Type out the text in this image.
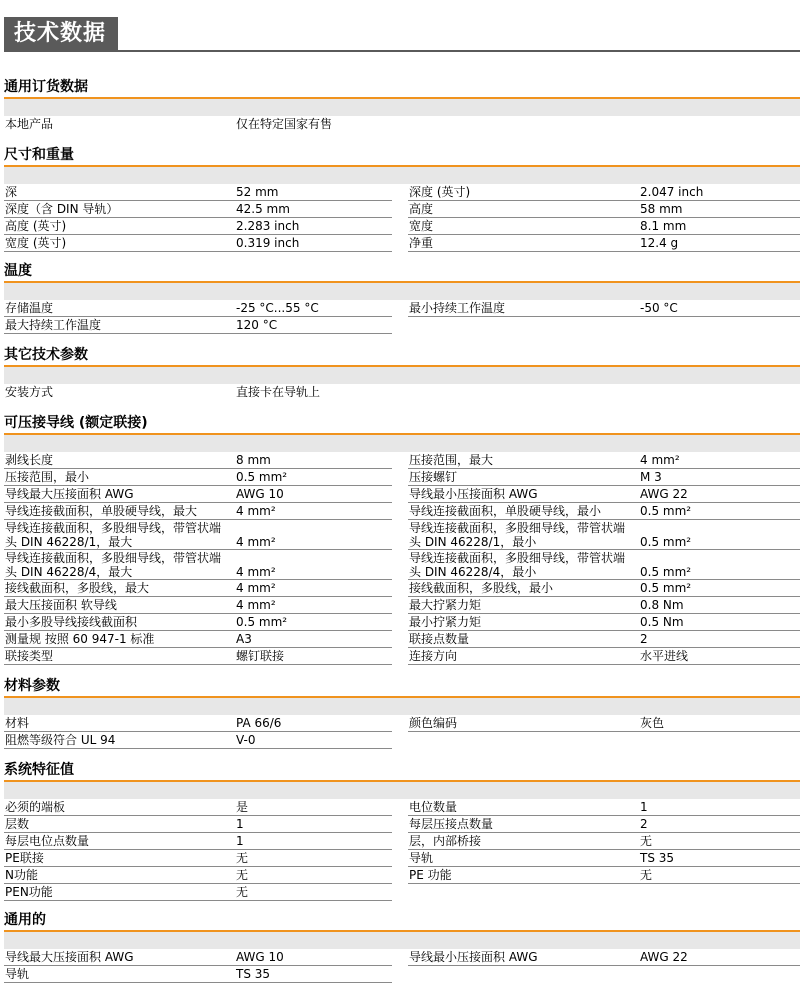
技术数据
通用订货数据
本地产品	仅在特定国家有售
尺寸和重量
深	52 mm
深度（含 DIN 导轨）	42.5 mm
高度 (英寸)	2.283 inch
宽度 (英寸)	0.319 inch
深度 (英寸)	2.047 inch
高度	58 mm
宽度	8.1 mm
净重	12.4 g
温度
存储温度	-25 °C...55 °C
最大持续工作温度	120 °C
最小持续工作温度	-50 °C
其它技术参数
安装方式	直接卡在导轨上
可压接导线 (额定联接)
剥线长度	8 mm
压接范围，最小	0.5 mm²
导线最大压接面积 AWG	AWG 10
导线连接截面积，单股硬导线，最大	4 mm²
导线连接截面积，多股细导线，带管状端
头 DIN 46228/1，最大	4 mm²
导线连接截面积，多股细导线，带管状端
头 DIN 46228/4，最大	4 mm²
接线截面积，多股线，最大	4 mm²
最大压接面积 软导线	4 mm²
最小多股导线接线截面积	0.5 mm²
测量规 按照 60 947-1 标准	A3
联接类型	螺钉联接
压接范围，最大	4 mm²
压接螺钉	M 3
导线最小压接面积 AWG	AWG 22
导线连接截面积，单股硬导线，最小	0.5 mm²
导线连接截面积，多股细导线，带管状端
头 DIN 46228/1，最小	0.5 mm²
导线连接截面积，多股细导线，带管状端
头 DIN 46228/4，最小	0.5 mm²
接线截面积，多股线，最小	0.5 mm²
最大拧紧力矩	0.8 Nm
最小拧紧力矩	0.5 Nm
联接点数量	2
连接方向	水平进线
材料参数
材料	PA 66/6
阻燃等级符合 UL 94	V-0
颜色编码	灰色
系统特征值
必须的端板	是
层数	1
每层电位点数量	1
PE联接	无
N功能	无
PEN功能	无
电位数量	1
每层压接点数量	2
层，内部桥接	无
导轨	TS 35
PE 功能	无
通用的
导线最大压接面积 AWG	AWG 10
导轨	TS 35
导线最小压接面积 AWG	AWG 22
